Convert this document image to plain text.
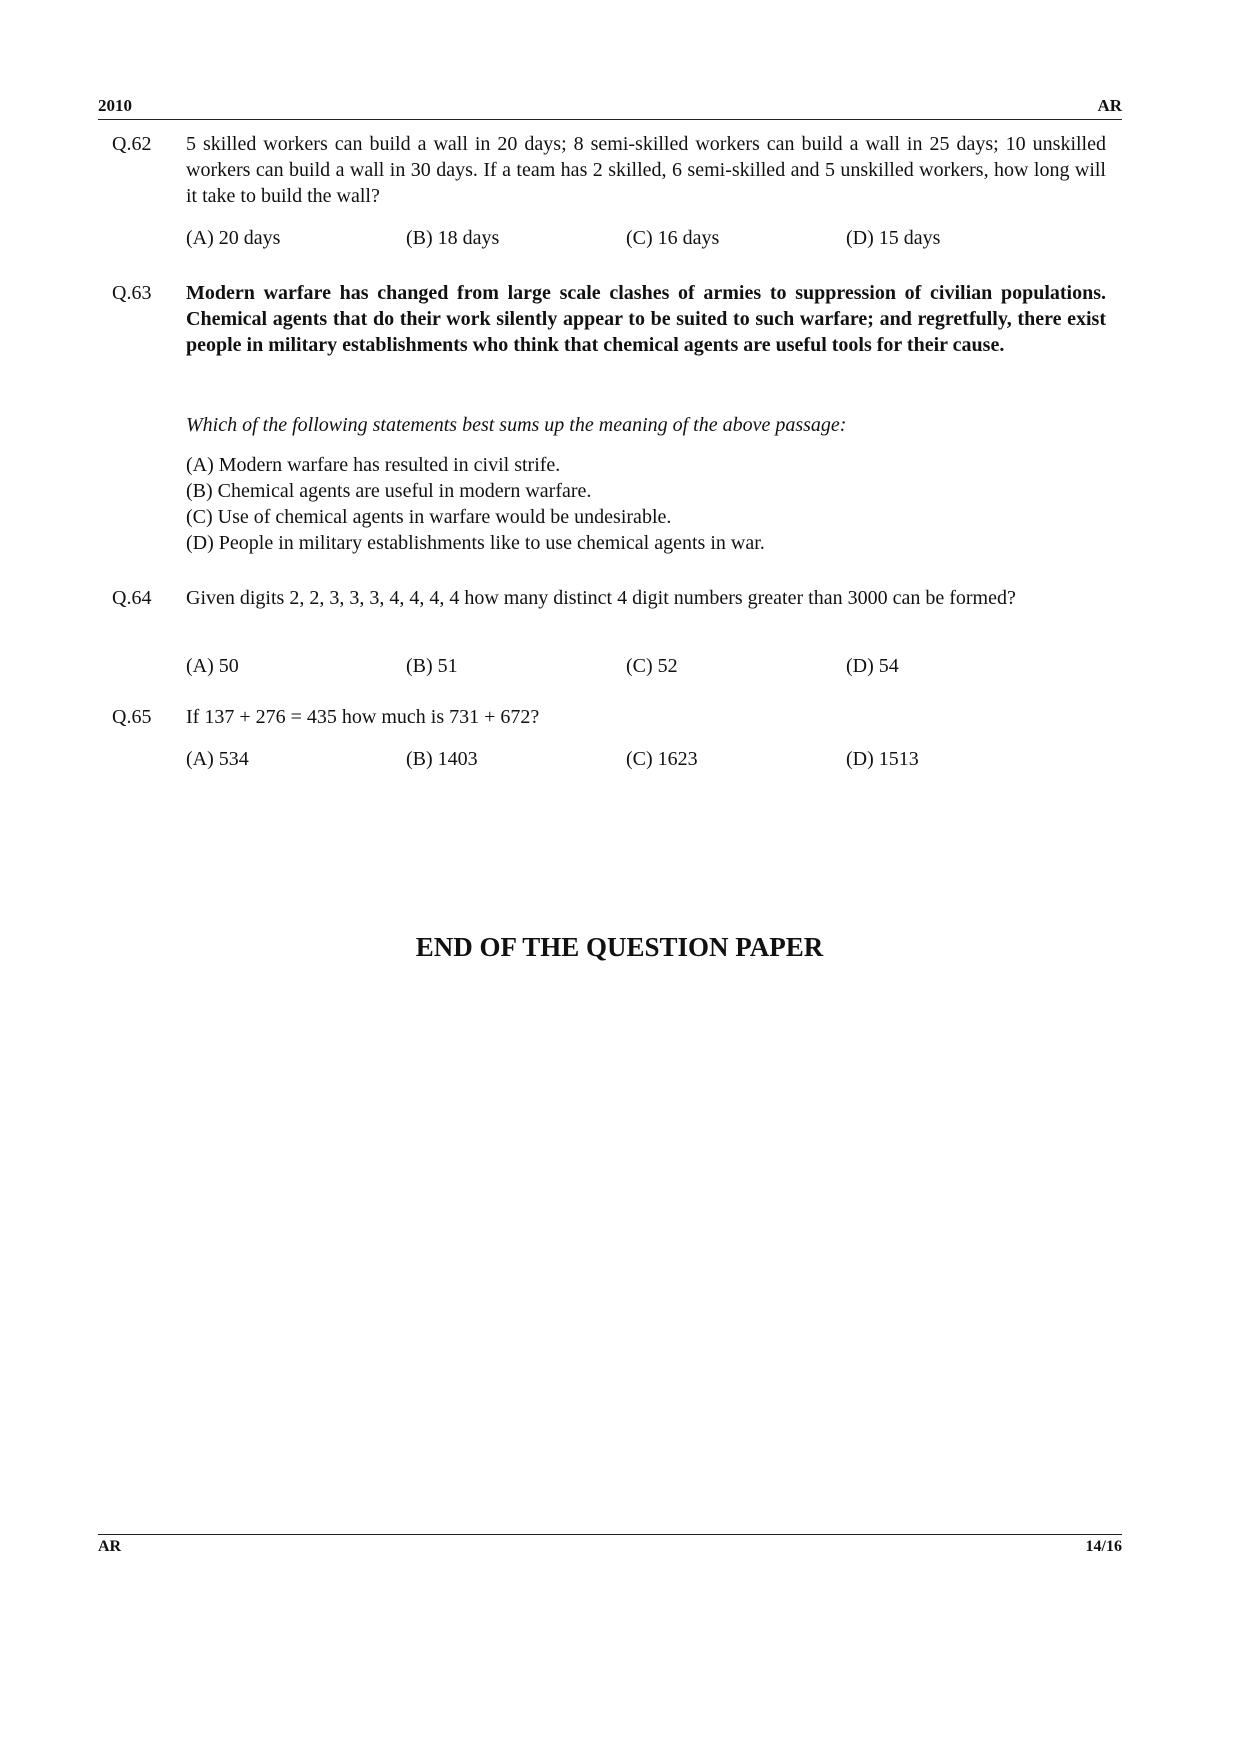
2010	AR
Q.62	5 skilled workers can build a wall in 20 days; 8 semi-skilled workers can build a wall in 25 days; 10 unskilled workers can build a wall in 30 days. If a team has 2 skilled, 6 semi-skilled and 5 unskilled workers, how long will it take to build the wall?
(A) 20 days	(B) 18 days	(C) 16 days	(D) 15 days
Q.63	Modern warfare has changed from large scale clashes of armies to suppression of civilian populations. Chemical agents that do their work silently appear to be suited to such warfare; and regretfully, there exist people in military establishments who think that chemical agents are useful tools for their cause.
Which of the following statements best sums up the meaning of the above passage:
(A) Modern warfare has resulted in civil strife.
(B) Chemical agents are useful in modern warfare.
(C) Use of chemical agents in warfare would be undesirable.
(D) People in military establishments like to use chemical agents in war.
Q.64	Given digits 2, 2, 3, 3, 3, 4, 4, 4, 4 how many distinct 4 digit numbers greater than 3000 can be formed?
(A) 50	(B) 51	(C) 52	(D) 54
Q.65	If 137 + 276 = 435 how much is 731 + 672?
(A) 534	(B) 1403	(C) 1623	(D) 1513
END OF THE QUESTION PAPER
AR	14/16
